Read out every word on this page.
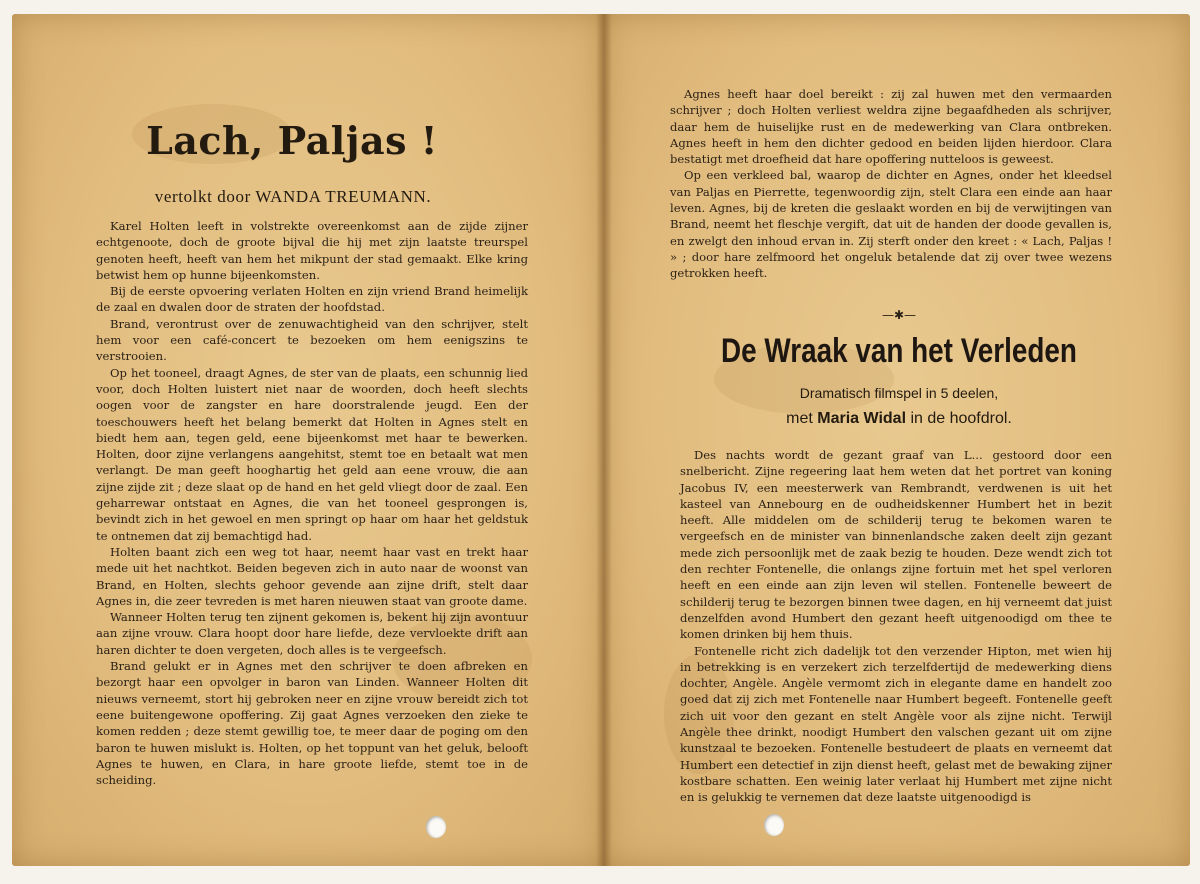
Lach, Paljas !
vertolkt door WANDA TREUMANN.

Karel Holten leeft in volstrekte overeenkomst aan de zijde zijner echtgenoote, doch de groote bijval die hij met zijn laatste treurspel genoten heeft, heeft van hem het mikpunt der stad gemaakt. Elke kring betwist hem op hunne bijeenkomsten.

Bij de eerste opvoering verlaten Holten en zijn vriend Brand heimelijk de zaal en dwalen door de straten der hoofdstad.

Brand, verontrust over de zenuwachtigheid van den schrijver, stelt hem voor een café-concert te bezoeken om hem eenigszins te verstrooien.

Op het tooneel, draagt Agnes, de ster van de plaats, een schunnig lied voor, doch Holten luistert niet naar de woorden, doch heeft slechts oogen voor de zangster en hare doorstralende jeugd. Een der toeschouwers heeft het belang bemerkt dat Holten in Agnes stelt en biedt hem aan, tegen geld, eene bijeenkomst met haar te bewerken. Holten, door zijne verlangens aangehitst, stemt toe en betaalt wat men verlangt. De man geeft hooghartig het geld aan eene vrouw, die aan zijne zijde zit ; deze slaat op de hand en het geld vliegt door de zaal. Een geharrewar ontstaat en Agnes, die van het tooneel gesprongen is, bevindt zich in het gewoel en men springt op haar om haar het geldstuk te ontnemen dat zij bemachtigd had.

Holten baant zich een weg tot haar, neemt haar vast en trekt haar mede uit het nachtkot. Beiden begeven zich in auto naar de woonst van Brand, en Holten, slechts gehoor gevende aan zijne drift, stelt daar Agnes in, die zeer tevreden is met haren nieuwen staat van groote dame.

Wanneer Holten terug ten zijnent gekomen is, bekent hij zijn avontuur aan zijne vrouw. Clara hoopt door hare liefde, deze vervloekte drift aan haren dichter te doen vergeten, doch alles is te vergeefsch.

Brand gelukt er in Agnes met den schrijver te doen afbreken en bezorgt haar een opvolger in baron van Linden. Wanneer Holten dit nieuws verneemt, stort hij gebroken neer en zijne vrouw bereidt zich tot eene buitengewone opoffering. Zij gaat Agnes verzoeken den zieke te komen redden ; deze stemt gewillig toe, te meer daar de poging om den baron te huwen mislukt is. Holten, op het toppunt van het geluk, belooft Agnes te huwen, en Clara, in hare groote liefde, stemt toe in de scheiding.

Agnes heeft haar doel bereikt : zij zal huwen met den vermaarden schrijver ; doch Holten verliest weldra zijne begaafdheden als schrijver, daar hem de huiselijke rust en de medewerking van Clara ontbreken. Agnes heeft in hem den dichter gedood en beiden lijden hierdoor. Clara bestatigt met droefheid dat hare opoffering nutteloos is geweest.

Op een verkleed bal, waarop de dichter en Agnes, onder het kleedsel van Paljas en Pierrette, tegenwoordig zijn, stelt Clara een einde aan haar leven. Agnes, bij de kreten die geslaakt worden en bij de verwijtingen van Brand, neemt het fleschje vergift, dat uit de handen der doode gevallen is, en zwelgt den inhoud ervan in. Zij sterft onder den kreet : « Lach, Paljas ! » ; door hare zelfmoord het ongeluk betalende dat zij over twee wezens getrokken heeft.

—✱—
De Wraak van het Verleden
Dramatisch filmspel in 5 deelen,
met Maria Widal in de hoofdrol.

Des nachts wordt de gezant graaf van L... gestoord door een snelbericht. Zijne regeering laat hem weten dat het portret van koning Jacobus IV, een meesterwerk van Rembrandt, verdwenen is uit het kasteel van Annebourg en de oudheidskenner Humbert het in bezit heeft. Alle middelen om de schilderij terug te bekomen waren te vergeefsch en de minister van binnenlandsche zaken deelt zijn gezant mede zich persoonlijk met de zaak bezig te houden. Deze wendt zich tot den rechter Fontenelle, die onlangs zijne fortuin met het spel verloren heeft en een einde aan zijn leven wil stellen. Fontenelle beweert de schilderij terug te bezorgen binnen twee dagen, en hij verneemt dat juist denzelfden avond Humbert den gezant heeft uitgenoodigd om thee te komen drinken bij hem thuis.

Fontenelle richt zich dadelijk tot den verzender Hipton, met wien hij in betrekking is en verzekert zich terzelfdertijd de medewerking diens dochter, Angèle. Angèle vermomt zich in elegante dame en handelt zoo goed dat zij zich met Fontenelle naar Humbert begeeft. Fontenelle geeft zich uit voor den gezant en stelt Angèle voor als zijne nicht. Terwijl Angèle thee drinkt, noodigt Humbert den valschen gezant uit om zijne kunstzaal te bezoeken. Fontenelle bestudeert de plaats en verneemt dat Humbert een detectief in zijn dienst heeft, gelast met de bewaking zijner kostbare schatten. Een weinig later verlaat hij Humbert met zijne nicht en is gelukkig te vernemen dat deze laatste uitgenoodigd is
